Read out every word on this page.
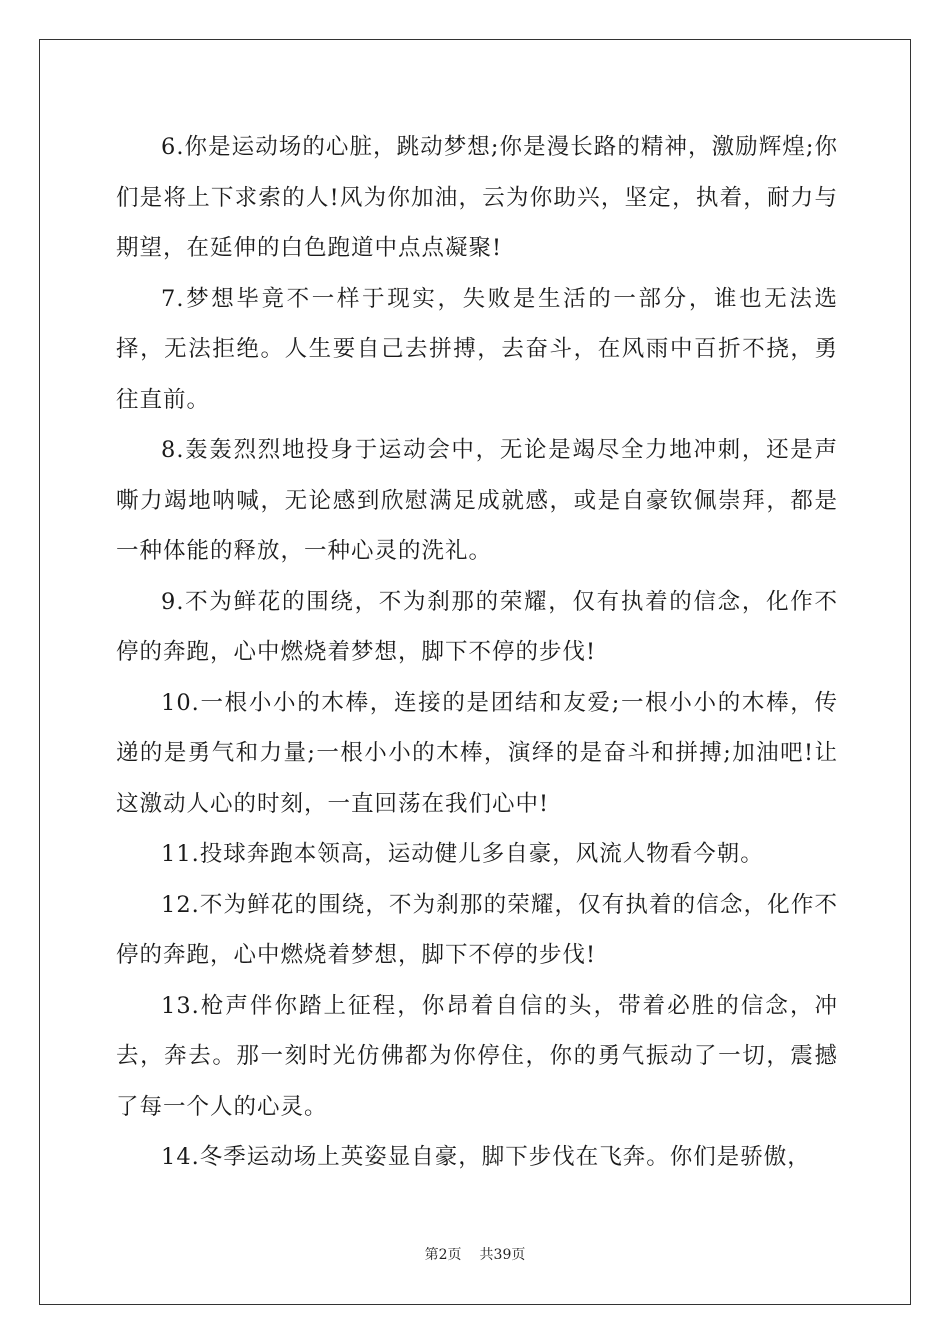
6.你是运动场的心脏，跳动梦想;你是漫长路的精神，激励辉煌;你们是将上下求索的人!风为你加油，云为你助兴，坚定，执着，耐力与期望，在延伸的白色跑道中点点凝聚!

7.梦想毕竟不一样于现实，失败是生活的一部分，谁也无法选择，无法拒绝。人生要自己去拼搏，去奋斗，在风雨中百折不挠，勇往直前。

8.轰轰烈烈地投身于运动会中，无论是竭尽全力地冲刺，还是声嘶力竭地呐喊，无论感到欣慰满足成就感，或是自豪钦佩崇拜，都是一种体能的释放，一种心灵的洗礼。

9.不为鲜花的围绕，不为刹那的荣耀，仅有执着的信念，化作不停的奔跑，心中燃烧着梦想，脚下不停的步伐!

10.一根小小的木棒，连接的是团结和友爱;一根小小的木棒，传递的是勇气和力量;一根小小的木棒，演绎的是奋斗和拼搏;加油吧!让这激动人心的时刻，一直回荡在我们心中!

11.投球奔跑本领高，运动健儿多自豪，风流人物看今朝。

12.不为鲜花的围绕，不为刹那的荣耀，仅有执着的信念，化作不停的奔跑，心中燃烧着梦想，脚下不停的步伐!

13.枪声伴你踏上征程，你昂着自信的头，带着必胜的信念，冲去，奔去。那一刻时光仿佛都为你停住，你的勇气振动了一切，震撼了每一个人的心灵。

14.冬季运动场上英姿显自豪，脚下步伐在飞奔。你们是骄傲，

第2页 共39页
